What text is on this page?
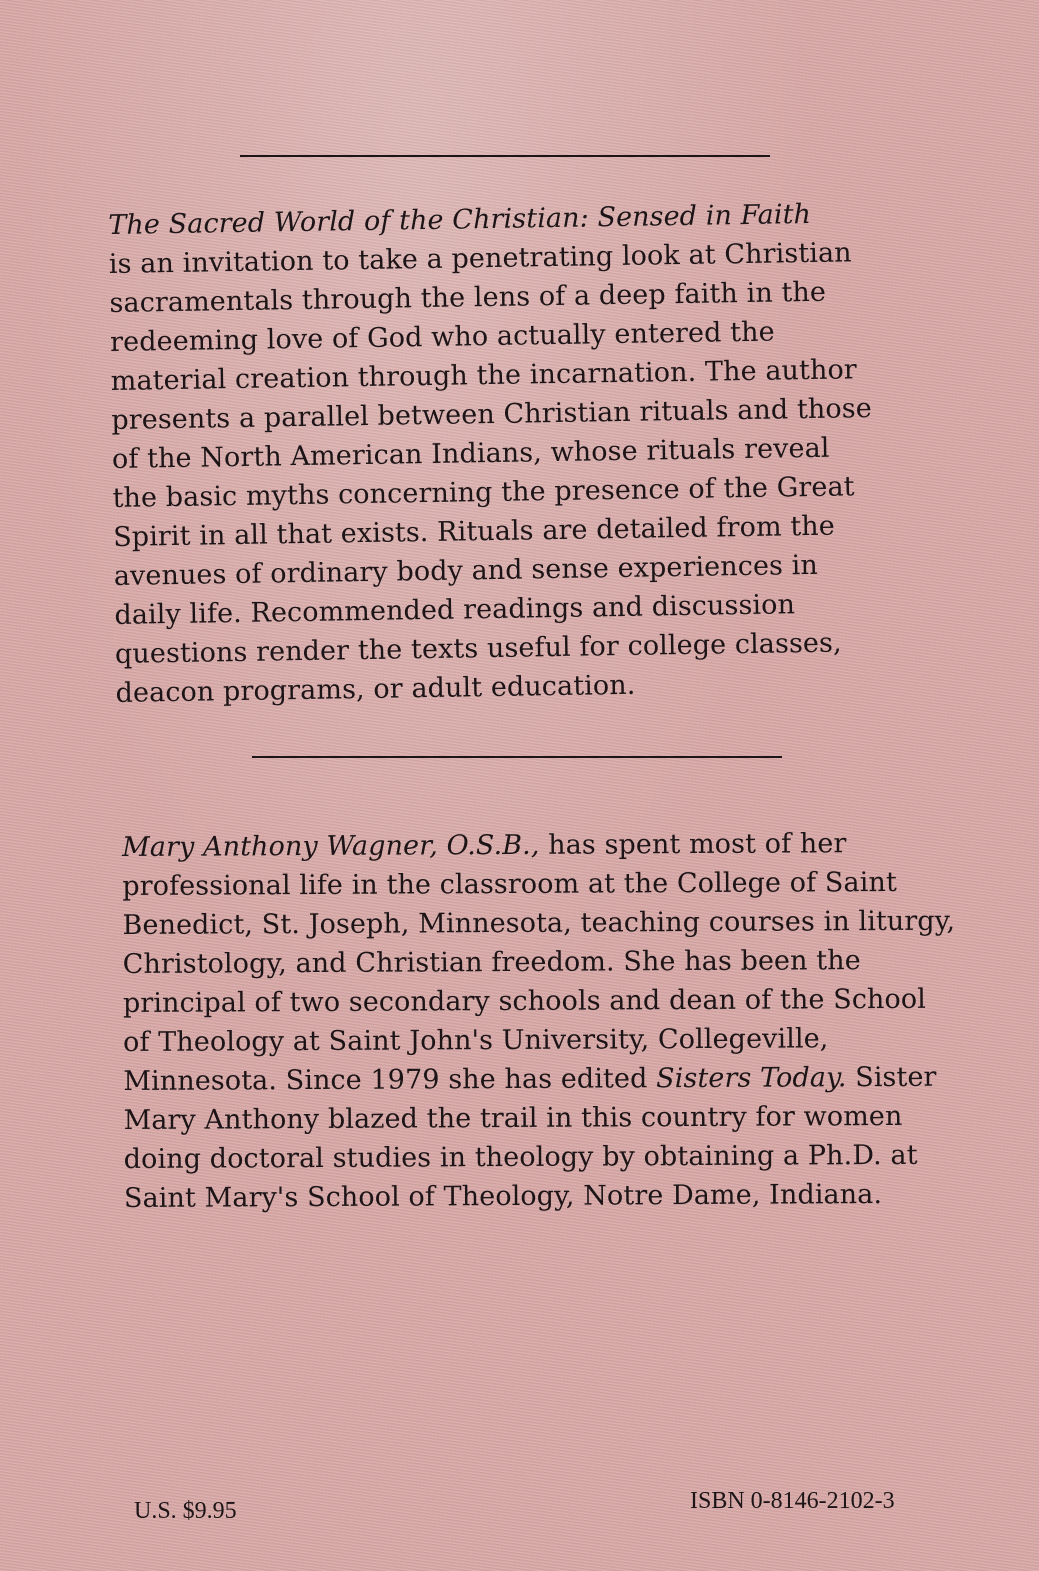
The Sacred World of the Christian: Sensed in Faith
is an invitation to take a penetrating look at Christian
sacramentals through the lens of a deep faith in the
redeeming love of God who actually entered the
material creation through the incarnation. The author
presents a parallel between Christian rituals and those
of the North American Indians, whose rituals reveal
the basic myths concerning the presence of the Great
Spirit in all that exists. Rituals are detailed from the
avenues of ordinary body and sense experiences in
daily life. Recommended readings and discussion
questions render the texts useful for college classes,
deacon programs, or adult education.
Mary Anthony Wagner, O.S.B., has spent most of her
professional life in the classroom at the College of Saint
Benedict, St. Joseph, Minnesota, teaching courses in liturgy,
Christology, and Christian freedom. She has been the
principal of two secondary schools and dean of the School
of Theology at Saint John's University, Collegeville,
Minnesota. Since 1979 she has edited Sisters Today. Sister
Mary Anthony blazed the trail in this country for women
doing doctoral studies in theology by obtaining a Ph.D. at
Saint Mary's School of Theology, Notre Dame, Indiana.
U.S. $9.95	ISBN 0-8146-2102-3
